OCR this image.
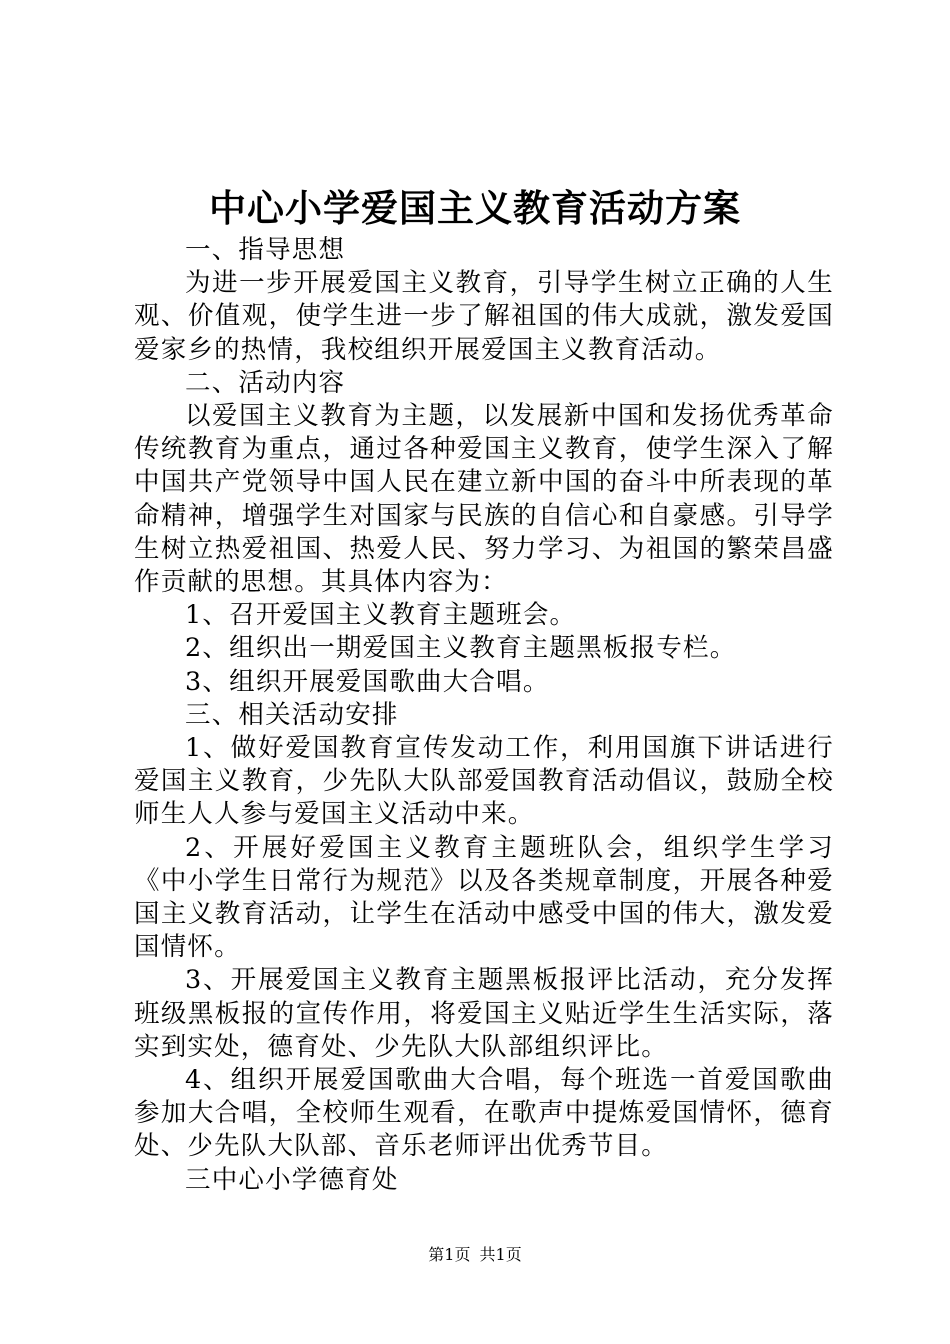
中心小学爱国主义教育活动方案

一、指导思想

为进一步开展爱国主义教育，引导学生树立正确的人生观、价值观，使学生进一步了解祖国的伟大成就，激发爱国爱家乡的热情，我校组织开展爱国主义教育活动。

二、活动内容

以爱国主义教育为主题，以发展新中国和发扬优秀革命传统教育为重点，通过各种爱国主义教育，使学生深入了解中国共产党领导中国人民在建立新中国的奋斗中所表现的革命精神，增强学生对国家与民族的自信心和自豪感。引导学生树立热爱祖国、热爱人民、努力学习、为祖国的繁荣昌盛作贡献的思想。其具体内容为：

1、召开爱国主义教育主题班会。

2、组织出一期爱国主义教育主题黑板报专栏。

3、组织开展爱国歌曲大合唱。

三、相关活动安排

1、做好爱国教育宣传发动工作，利用国旗下讲话进行爱国主义教育，少先队大队部爱国教育活动倡议，鼓励全校师生人人参与爱国主义活动中来。

2、开展好爱国主义教育主题班队会，组织学生学习《中小学生日常行为规范》以及各类规章制度，开展各种爱国主义教育活动，让学生在活动中感受中国的伟大，激发爱国情怀。

3、开展爱国主义教育主题黑板报评比活动，充分发挥班级黑板报的宣传作用，将爱国主义贴近学生生活实际，落实到实处，德育处、少先队大队部组织评比。

4、组织开展爱国歌曲大合唱，每个班选一首爱国歌曲参加大合唱，全校师生观看，在歌声中提炼爱国情怀，德育处、少先队大队部、音乐老师评出优秀节目。

三中心小学德育处

第1页 共1页
